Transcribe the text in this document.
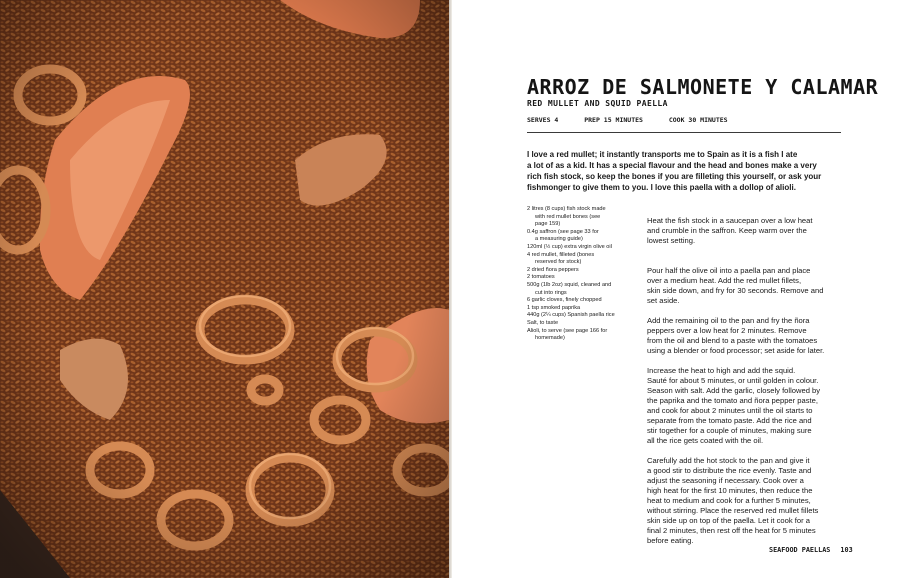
ARROZ DE SALMONETE Y CALAMAR
RED MULLET AND SQUID PAELLA
SERVES 4	PREP 15 MINUTES	COOK 30 MINUTES
I love a red mullet; it instantly transports me to Spain as it is a fish I ate
a lot of as a kid. It has a special flavour and the head and bones make a very
rich fish stock, so keep the bones if you are filleting this yourself, or ask your
fishmonger to give them to you. I love this paella with a dollop of alioli.
2 litres (8 cups) fish stock made
with red mullet bones (see
page 159)
0.4g saffron (see page 33 for
a measuring guide)
120ml (½ cup) extra virgin olive oil
4 red mullet, filleted (bones
reserved for stock)
2 dried ñora peppers
2 tomatoes
500g (1lb 2oz) squid, cleaned and
cut into rings
6 garlic cloves, finely chopped
1 tsp smoked paprika
440g (2¼ cups) Spanish paella rice
Salt, to taste
Alioli, to serve (see page 166 for
homemade)

Heat the fish stock in a saucepan over a low heat
and crumble in the saffron. Keep warm over the
lowest setting.

Pour half the olive oil into a paella pan and place
over a medium heat. Add the red mullet fillets,
skin side down, and fry for 30 seconds. Remove and
set aside.
Add the remaining oil to the pan and fry the ñora
peppers over a low heat for 2 minutes. Remove
from the oil and blend to a paste with the tomatoes
using a blender or food processor; set aside for later.
Increase the heat to high and add the squid.
Sauté for about 5 minutes, or until golden in colour.
Season with salt. Add the garlic, closely followed by
the paprika and the tomato and ñora pepper paste,
and cook for about 2 minutes until the oil starts to
separate from the tomato paste. Add the rice and
stir together for a couple of minutes, making sure
all the rice gets coated with the oil.
Carefully add the hot stock to the pan and give it
a good stir to distribute the rice evenly. Taste and
adjust the seasoning if necessary. Cook over a
high heat for the first 10 minutes, then reduce the
heat to medium and cook for a further 5 minutes,
without stirring. Place the reserved red mullet fillets
skin side up on top of the paella. Let it cook for a
final 2 minutes, then rest off the heat for 5 minutes
before eating.
SEAFOOD PAELLAS 103
